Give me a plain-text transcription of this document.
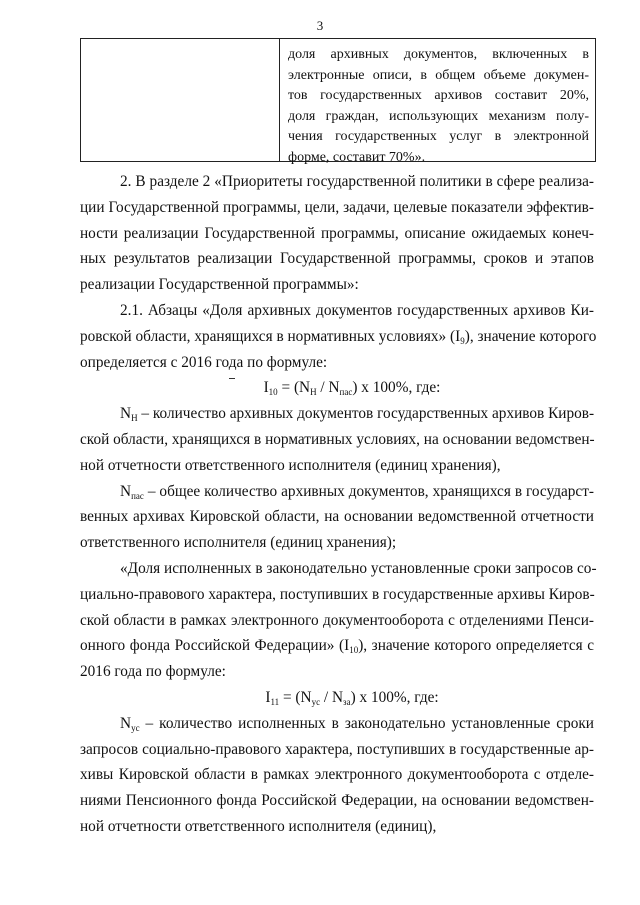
3
доля архивных документов, включенных в
электронные описи, в общем объеме докумен-
тов государственных архивов составит 20%,
доля граждан, использующих механизм полу-
чения государственных услуг в электронной
форме, составит 70%».
2. В разделе 2 «Приоритеты государственной политики в сфере реализа-
ции Государственной программы, цели, задачи, целевые показатели эффектив-
ности реализации Государственной программы, описание ожидаемых конеч-
ных результатов реализации Государственной программы, сроков и этапов
реализации Государственной программы»:
2.1. Абзацы «Доля архивных документов государственных архивов Ки-
ровской области, хранящихся в нормативных условиях» $(I_9)$, значение которого
определяется с 2016 года по формуле:
$I_{10} = (N_Н / N_{пас})$ х 100%, где:
$N_Н$ – количество архивных документов государственных архивов Киров-
ской области, хранящихся в нормативных условиях, на основании ведомствен-
ной отчетности ответственного исполнителя (единиц хранения),
$N_{пас}$ – общее количество архивных документов, хранящихся в государст-
венных архивах Кировской области, на основании ведомственной отчетности
ответственного исполнителя (единиц хранения);
«Доля исполненных в законодательно установленные сроки запросов со-
циально-правового характера, поступивших в государственные архивы Киров-
ской области в рамках электронного документооборота с отделениями Пенси-
онного фонда Российской Федерации» $(I_{10})$, значение которого определяется с
2016 года по формуле:
$I_{11} = (N_{ус} / N_{за})$ х 100%, где:
$N_{ус}$ – количество исполненных в законодательно установленные сроки
запросов социально-правового характера, поступивших в государственные ар-
хивы Кировской области в рамках электронного документооборота с отделе-
ниями Пенсионного фонда Российской Федерации, на основании ведомствен-
ной отчетности ответственного исполнителя (единиц),
